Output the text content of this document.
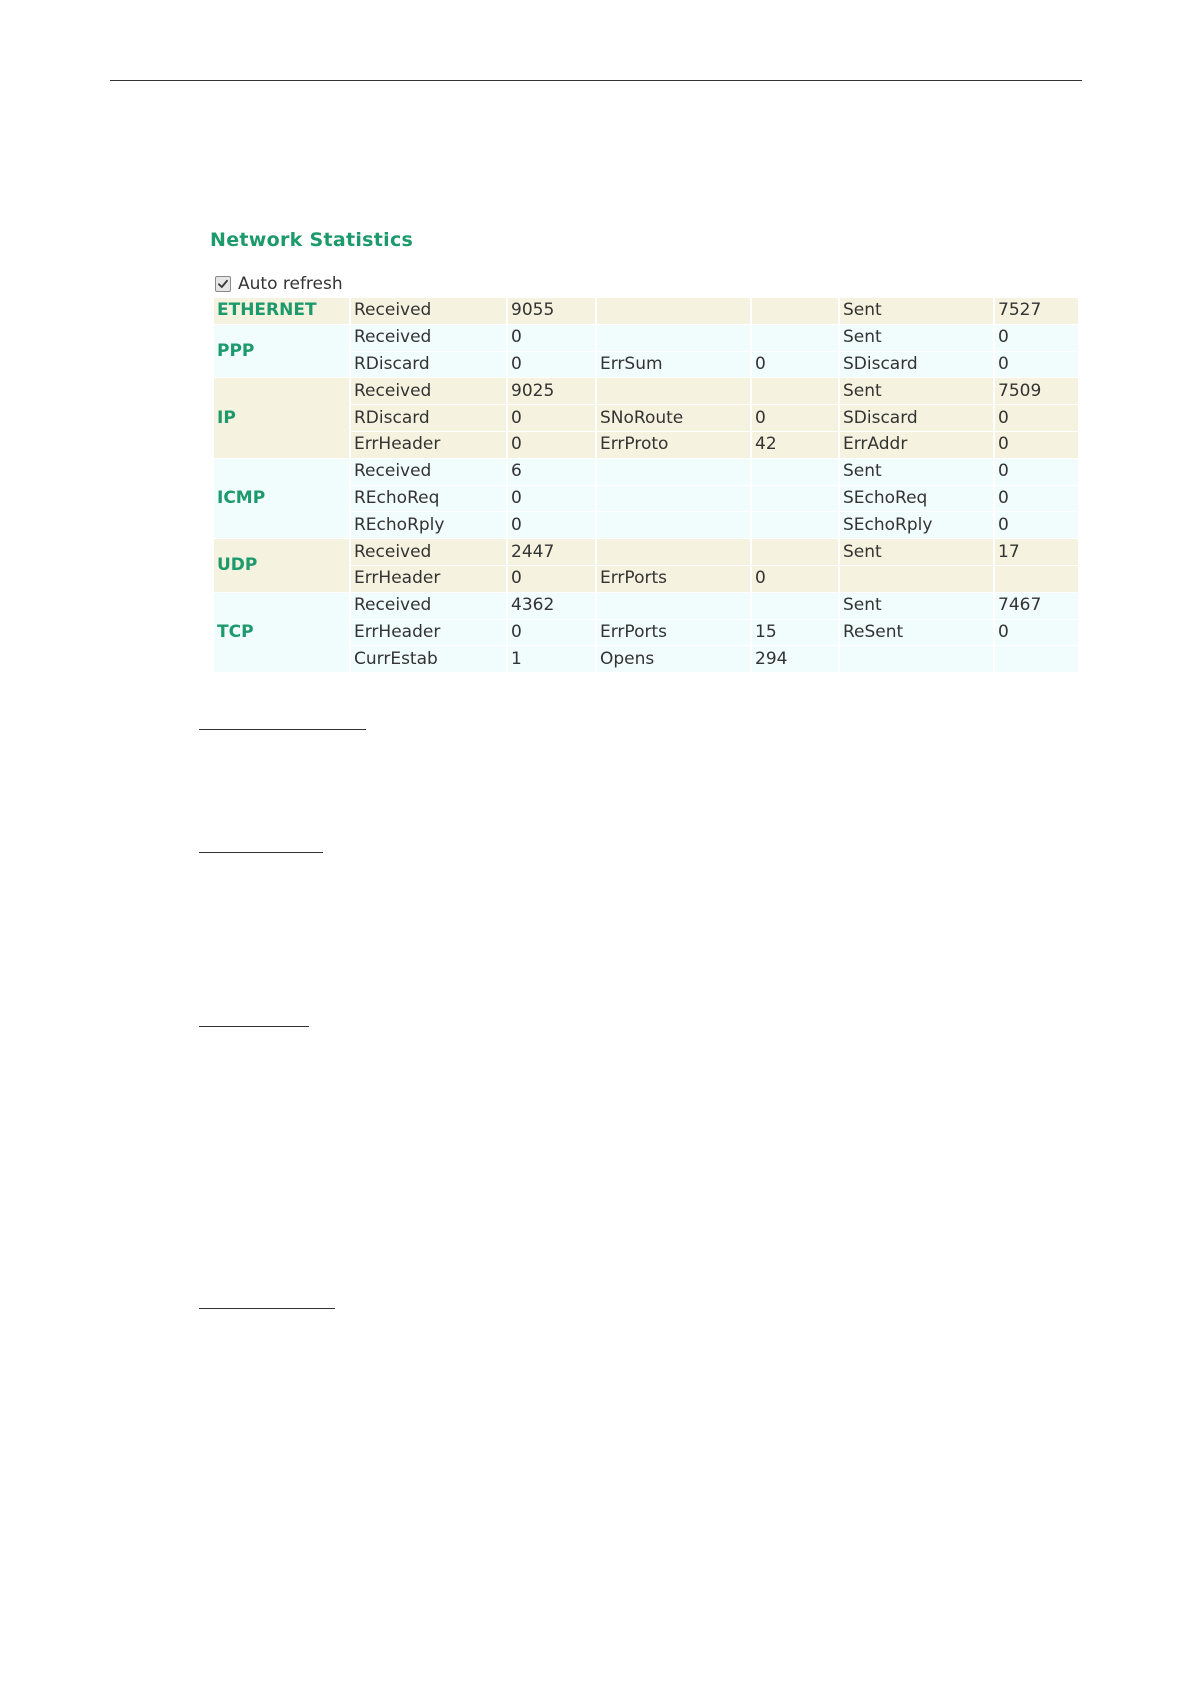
Network Statistics
Auto refresh
ETHERNET	Received	9055			Sent	7527
PPP	Received	0			Sent	0
	RDiscard	0	ErrSum	0	SDiscard	0
IP	Received	9025			Sent	7509
	RDiscard	0	SNoRoute	0	SDiscard	0
	ErrHeader	0	ErrProto	42	ErrAddr	0
ICMP	Received	6			Sent	0
	REchoReq	0			SEchoReq	0
	REchoRply	0			SEchoRply	0
UDP	Received	2447			Sent	17
	ErrHeader	0	ErrPorts	0		
TCP	Received	4362			Sent	7467
	ErrHeader	0	ErrPorts	15	ReSent	0
	CurrEstab	1	Opens	294		
